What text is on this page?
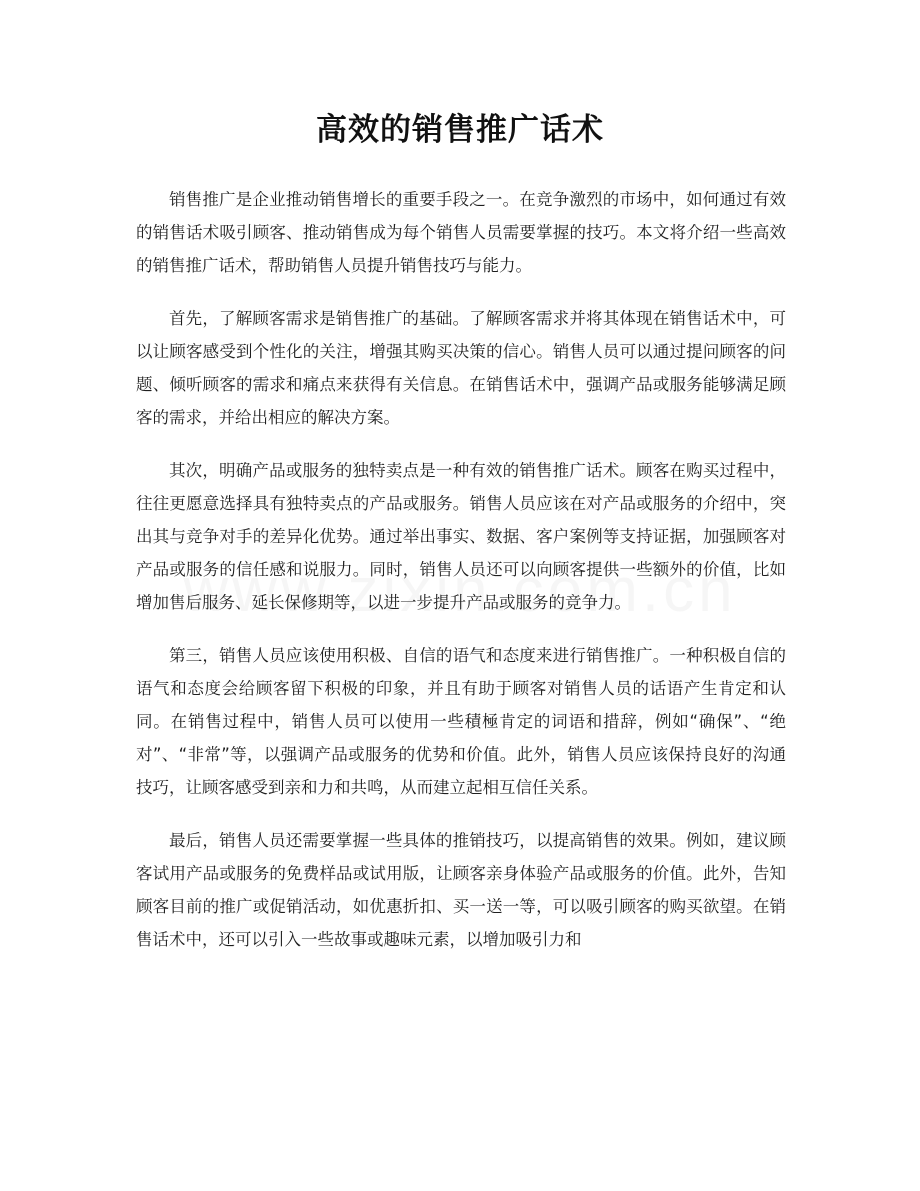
高效的销售推广话术

销售推广是企业推动销售增长的重要手段之一。在竞争激烈的市场中，如何通过有效的销售话术吸引顾客、推动销售成为每个销售人员需要掌握的技巧。本文将介绍一些高效的销售推广话术，帮助销售人员提升销售技巧与能力。

首先，了解顾客需求是销售推广的基础。了解顾客需求并将其体现在销售话术中，可以让顾客感受到个性化的关注，增强其购买决策的信心。销售人员可以通过提问顾客的问题、倾听顾客的需求和痛点来获得有关信息。在销售话术中，强调产品或服务能够满足顾客的需求，并给出相应的解决方案。

其次，明确产品或服务的独特卖点是一种有效的销售推广话术。顾客在购买过程中，往往更愿意选择具有独特卖点的产品或服务。销售人员应该在对产品或服务的介绍中，突出其与竞争对手的差异化优势。通过举出事实、数据、客户案例等支持证据，加强顾客对产品或服务的信任感和说服力。同时，销售人员还可以向顾客提供一些额外的价值，比如增加售后服务、延长保修期等，以进一步提升产品或服务的竞争力。

第三，销售人员应该使用积极、自信的语气和态度来进行销售推广。一种积极自信的语气和态度会给顾客留下积极的印象，并且有助于顾客对销售人员的话语产生肯定和认同。在销售过程中，销售人员可以使用一些積極肯定的词语和措辞，例如“确保”、“绝对”、“非常”等，以强调产品或服务的优势和价值。此外，销售人员应该保持良好的沟通技巧，让顾客感受到亲和力和共鸣，从而建立起相互信任关系。

最后，销售人员还需要掌握一些具体的推销技巧，以提高销售的效果。例如，建议顾客试用产品或服务的免费样品或试用版，让顾客亲身体验产品或服务的价值。此外，告知顾客目前的推广或促销活动，如优惠折扣、买一送一等，可以吸引顾客的购买欲望。在销售话术中，还可以引入一些故事或趣味元素，以增加吸引力和
